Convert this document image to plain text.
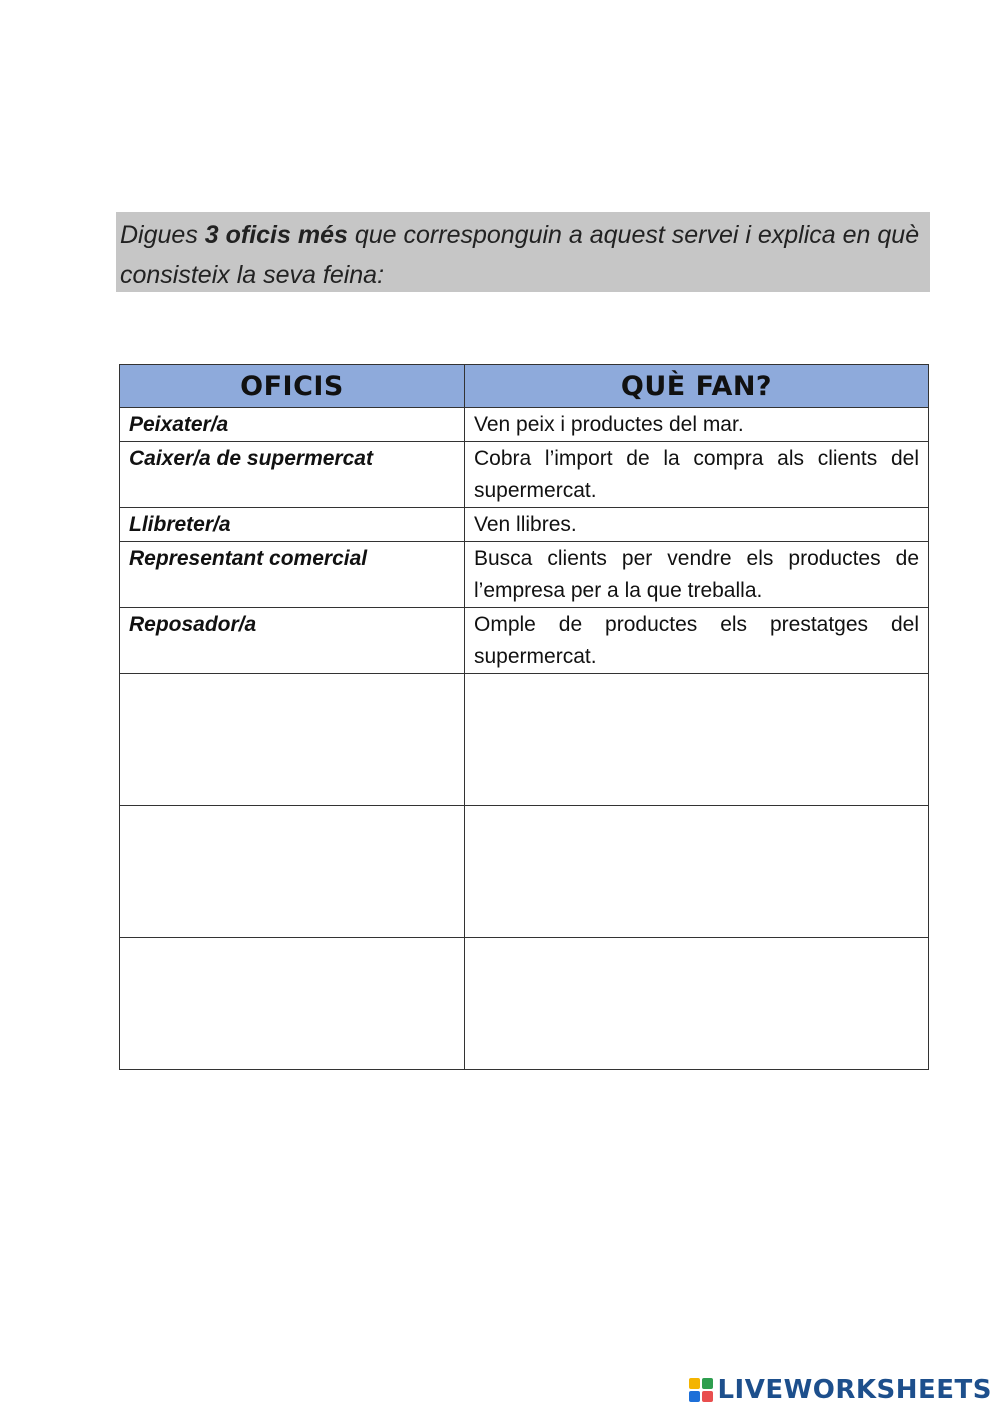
Digues 3 oficis més que corresponguin a aquest servei i explica en què consisteix la seva feina:
OFICIS	QUÈ FAN?
Peixater/a	Ven peix i productes del mar.
Caixer/a de supermercat	Cobra l’import de la compra als clients del supermercat.
Llibreter/a	Ven llibres.
Representant comercial	Busca clients per vendre els productes de l’empresa per a la que treballa.
Reposador/a	Omple de productes els prestatges del supermercat.

LIVEWORKSHEETS
